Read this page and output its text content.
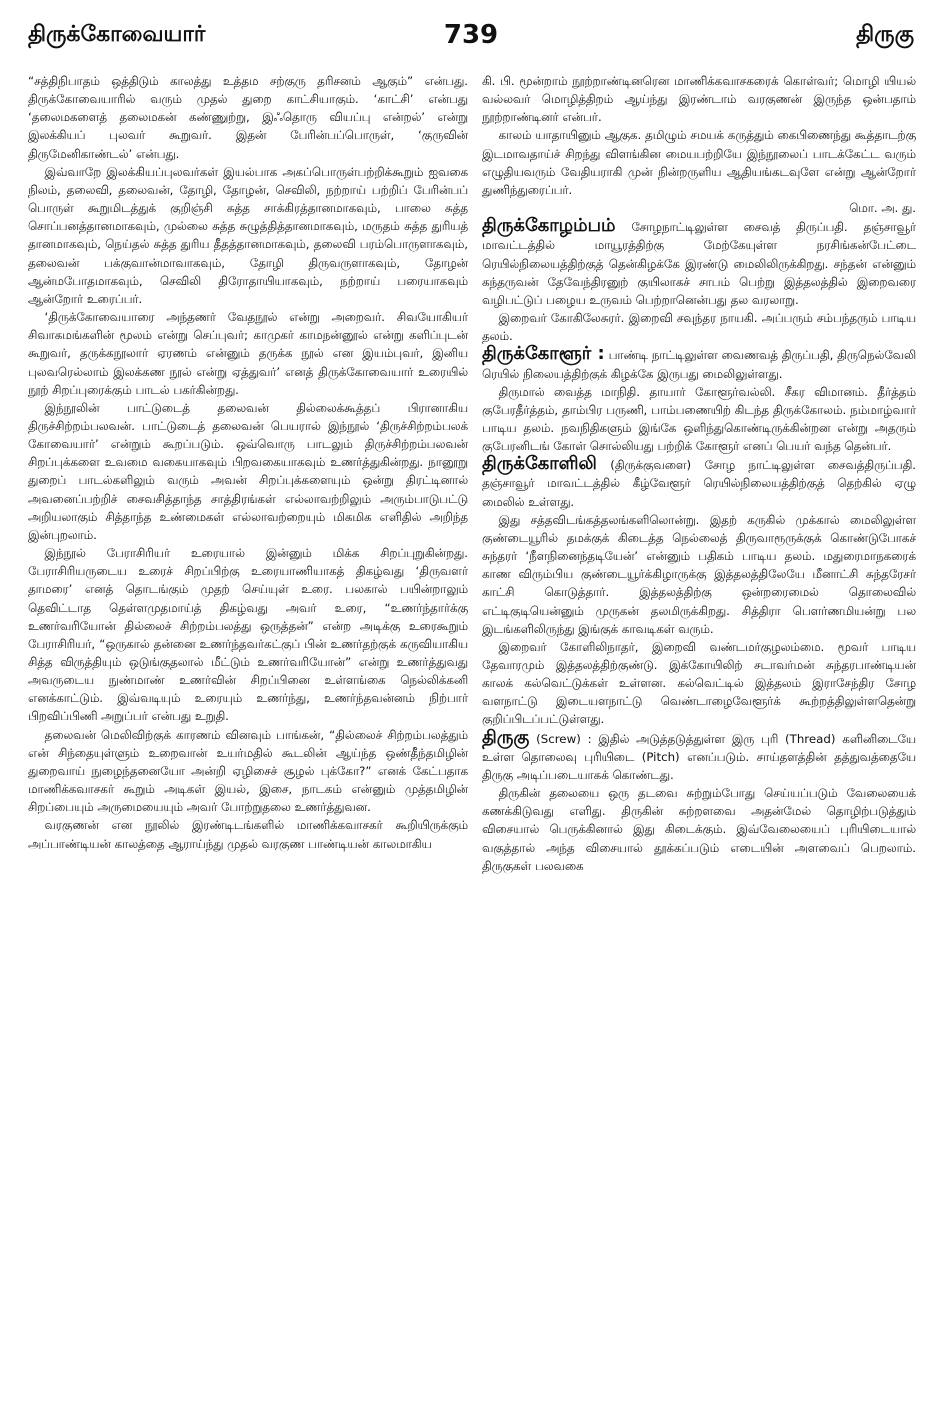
திருக்கோவையார்	739	திருகு

“சத்திநிபாதம் ஒத்திடும் காலத்து உத்தம சற்குரு தரிசனம் ஆகும்” என்பது. திருக்கோவையாரில் வரும் முதல் துறை காட்சியாகும். ‘காட்சி’ என்பது ‘தலைமகளைத் தலைமகன் கண்ணுற்று, இஃதொரு வியப்பு என்றல்’ என்று இலக்கியப் புலவர் கூறுவர். இதன் பேரின்பப்பொருள், ‘குருவின் திருமேனிகாண்டல்’ என்பது.

இவ்வாறே இலக்கியப்புலவர்கள் இயல்பாக அகப்பொருள்பற்றிக்கூறும் ஐவகை நிலம், தலைவி, தலைவன், தோழி, தோழன், செவிலி, நற்றாய் பற்றிப் பேரின்பப் பொருள் கூறுமிடத்துக் குறிஞ்சி சுத்த சாக்கிரத்தானமாகவும், பாலை சுத்த சொப்பனத்தானமாகவும், முல்லை சுத்த சுழுத்தித்தானமாகவும், மருதம் சுத்த துரியத் தானமாகவும், நெய்தல் சுத்த துரிய தீதத்தானமாகவும், தலைவி பரம்பொருளாகவும், தலைவன் பக்குவான்மாவாகவும், தோழி திருவருளாகவும், தோழன் ஆன்மபோதமாகவும், செவிலி திரோதாயியாகவும், நற்றாய் பரையாகவும் ஆன்றோர் உரைப்பர்.

‘திருக்கோவையாரை அந்தணர் வேதநூல் என்று அறைவர். சிவயோகியர் சிவாகமங்களின் மூலம் என்று செப்புவர்; காமுகர் காமநன்னூல் என்று களிப்புடன் கூறுவர், தருக்கநூலார் ஏரணம் என்னும் தருக்க நூல் என இயம்புவர், இனிய புலவரெல்லாம் இலக்கண நூல் என்று ஏத்துவர்’ எனத் திருக்கோவையார் உரையில் நூற் சிறப்புரைக்கும் பாடல் பகர்கின்றது.

இந்நூலின் பாட்டுடைத் தலைவன் தில்லைக்கூத்தப் பிரானாகிய திருச்சிற்றம்பலவன். பாட்டுடைத் தலைவன் பெயரால் இந்நூல் ‘திருச்சிற்றம்பலக் கோவையார்’ என்றும் கூறப்படும். ஒவ்வொரு பாடலும் திருச்சிற்றம்பலவன் சிறப்புக்களை உவமை வகையாகவும் பிறவகையாகவும் உணர்த்துகின்றது. நானூறு துறைப் பாடல்களிலும் வரும் அவன் சிறப்புக்களையும் ஒன்று திரட்டினால் அவனைப்பற்றிச் சைவசித்தாந்த சாத்திரங்கள் எல்லாவற்றிலும் அரும்பாடுபட்டு அறியலாகும் சித்தாந்த உண்மைகள் எல்லாவற்றையும் மிகமிக எளிதில் அறிந்த இன்புறலாம்.

இந்நூல் பேராசிரியர் உரையால் இன்னும் மிக்க சிறப்புறுகின்றது. பேராசிரியருடைய உரைச் சிறப்பிற்கு உரையாணியாகத் திகழ்வது ‘திருவளர் தாமரை’ எனத் தொடங்கும் முதற் செய்யுள் உரை. பலகால் பயின்றாலும் தெவிட்டாத தெள்ளமுதமாய்த் திகழ்வது அவர் உரை, “உணர்ந்தார்க்கு உணர்வரியோன் தில்லைச் சிற்றம்பலத்து ஒருத்தன்” என்ற அடிக்கு உரைகூறும் பேராசிரியர், “ஒருகால் தன்னை உணர்ந்தவர்கட்குப் பின் உணர்தற்குக் கருவியாகிய சித்த விருத்தியும் ஒடுங்குதலால் மீட்டும் உணர்வரியோன்” என்று உணர்த்துவது அவருடைய நுண்மாண் உணர்வின் சிறப்பினை உள்ளங்கை நெல்லிக்கனி எனக்காட்டும். இவ்வடியும் உரையும் உணர்ந்து, உணர்ந்தவன்னம் நிற்பார் பிறவிப்பிணி அறுப்பர் என்பது உறுதி.

தலைவன் மெலிவிற்குக் காரணம் வினவும் பாங்கன், “தில்லைச் சிற்றம்பலத்தும் என் சிந்தையுள்ளும் உறைவான் உயர்மதில் கூடலின் ஆய்ந்த ஒண்தீந்தமிழின் துறைவாய் நுழைந்தனையோ அன்றி ஏழிசைச் சூழல் புக்கோ?” எனக் கேட்பதாக மாணிக்கவாசகர் கூறும் அடிகள் இயல், இசை, நாடகம் என்னும் முத்தமிழின் சிறப்பையும் அருமையையும் அவர் போற்றுதலை உணர்த்துவன.

வரகுணன் என நூலில் இரண்டிடங்களில் மாணிக்கவாசகர் கூறியிருக்கும் அப்பாண்டியன் காலத்தை ஆராய்ந்து முதல் வரகுண பாண்டியன் காலமாகிய

கி. பி. மூன்றாம் நூற்றாண்டினரென மாணிக்கவாசகரைக் கொள்வர்; மொழி யியல் வல்லவர் மொழித்திறம் ஆய்ந்து இரண்டாம் வரகுணன் இருந்த ஒன்பதாம் நூற்றாண்டினர் என்பர்.

காலம் யாதாயினும் ஆகுக. தமிழும் சமயக் கருத்தும் கைபிணைந்து கூத்தாடற்கு இடமாவதாய்ச் சிறந்து விளங்கின மையபற்றியே இந்நூலைப் பாடக்கேட்ட வரும் எழுதியவரும் வேதியராகி முன் நின்றருளிய ஆதியங்கடவுளே என்று ஆன்றோர் துணிந்துரைப்பர்.

மொ. அ. து.

திருக்கோழம்பம் சோழநாட்டிலுள்ள சைவத் திருப்பதி. தஞ்சாவூர் மாவட்டத்தில் மாயூரத்திற்கு மேற்கேயுள்ள நரசிங்கன்பேட்டை ரெயில்நிலையத்திற்குத் தென்கிழக்கே இரண்டு மைலிலிருக்கிறது. சந்தன் என்னும் கந்தருவன் தேவேந்திரனுற் குயிலாகச் சாபம் பெற்று இத்தலத்தில் இறைவரை வழிபட்டுப் பழைய உருவம் பெற்றானென்பது தல வரலாறு.

இறைவர் கோகிலேசுரர். இறைவி சவுந்தர நாயகி. அப்பரும் சம்பந்தரும் பாடிய தலம்.

திருக்கோளூர் : பாண்டி நாட்டிலுள்ள வைணவத் திருப்பதி, திருநெல்வேலி ரெயில் நிலையத்திற்குக் கிழக்கே இருபது மைலிலுள்ளது.

திருமால் வைத்த மாநிதி. தாயார் கோளூர்வல்லி. சீகர விமானம். தீர்த்தம் குபேரதீர்த்தம், தாம்பிர பருணி, பாம்பணையிற் கிடந்த திருக்கோலம். நம்மாழ்வார் பாடிய தலம். நவநிதிகளும் இங்கே ஒளிந்துகொண்டிருக்கின்றன என்று அதரும் குபேரனிடங் கோள் சொல்லியது பற்றிக் கோளூர் எனப் பெயர் வந்த தென்பர்.

திருக்கோளிலி (திருக்குவளை) சோழ நாட்டிலுள்ள சைவத்திருப்பதி. தஞ்சாவூர் மாவட்டத்தில் கீழ்வேளூர் ரெயில்நிலையத்திற்குத் தெற்கில் ஏழு மைலில் உள்ளது.

இது சத்தவிடங்கத்தலங்களிலொன்று. இதற் கருகில் முக்கால் மைலிலுள்ள குண்டையூரில் தமக்குக் கிடைத்த நெல்லைத் திருவாரூருக்குக் கொண்டுபோகச் சுந்தரர் ‘நீளநினைந்தடியேன்’ என்னும் பதிகம் பாடிய தலம். மதுரைமாநகரைக் காண விரும்பிய குண்டையூர்க்கிழாருக்கு இத்தலத்திலேயே மீனாட்சி சுந்தரேசர் காட்சி கொடுத்தார். இத்தலத்திற்கு ஒன்றரைமைல் தொலைவில் எட்டிகுடியென்னும் முருகன் தலமிருக்கிறது. சித்திரா பௌர்ணமியன்று பல இடங்களிலிருந்து இங்குக் காவடிகள் வரும்.

இறைவர் கோளிலிநாதர், இறைவி வண்டமர்குழலம்மை. மூவர் பாடிய தேவாரமும் இத்தலத்திற்குண்டு. இக்கோயிலிற் சடாவர்மன் சுந்தரபாண்டியன் காலக் கல்வெட்டுக்கள் உள்ளன. கல்வெட்டில் இத்தலம் இராசேந்திர சோழ வளநாட்டு இடையளநாட்டு வெண்டாழைவேளூர்க் கூற்றத்திலுள்ளதென்று குறிப்பிடப்பட்டுள்ளது.

திருகு (Screw) : இதில் அடுத்தடுத்துள்ள இரு புரி (Thread) களினிடையே உள்ள தொலைவு புரியிடை (Pitch) எனப்படும். சாய்தளத்தின் தத்துவத்தையே திருகு அடிப்படையாகக் கொண்டது.

திருகின் தலையை ஒரு தடவை சுற்றும்போது செய்யப்படும் வேலையைக் கணக்கிடுவது எளிது. திருகின் சுற்றளவை அதன்மேல் தொழிற்படுத்தும் விசையால் பெருக்கினால் இது கிடைக்கும். இவ்வேலையைப் புரியிடையால் வகுத்தால் அந்த விசையால் தூக்கப்படும் எடையின் அளவைப் பெறலாம். திருகுகள் பலவகை
